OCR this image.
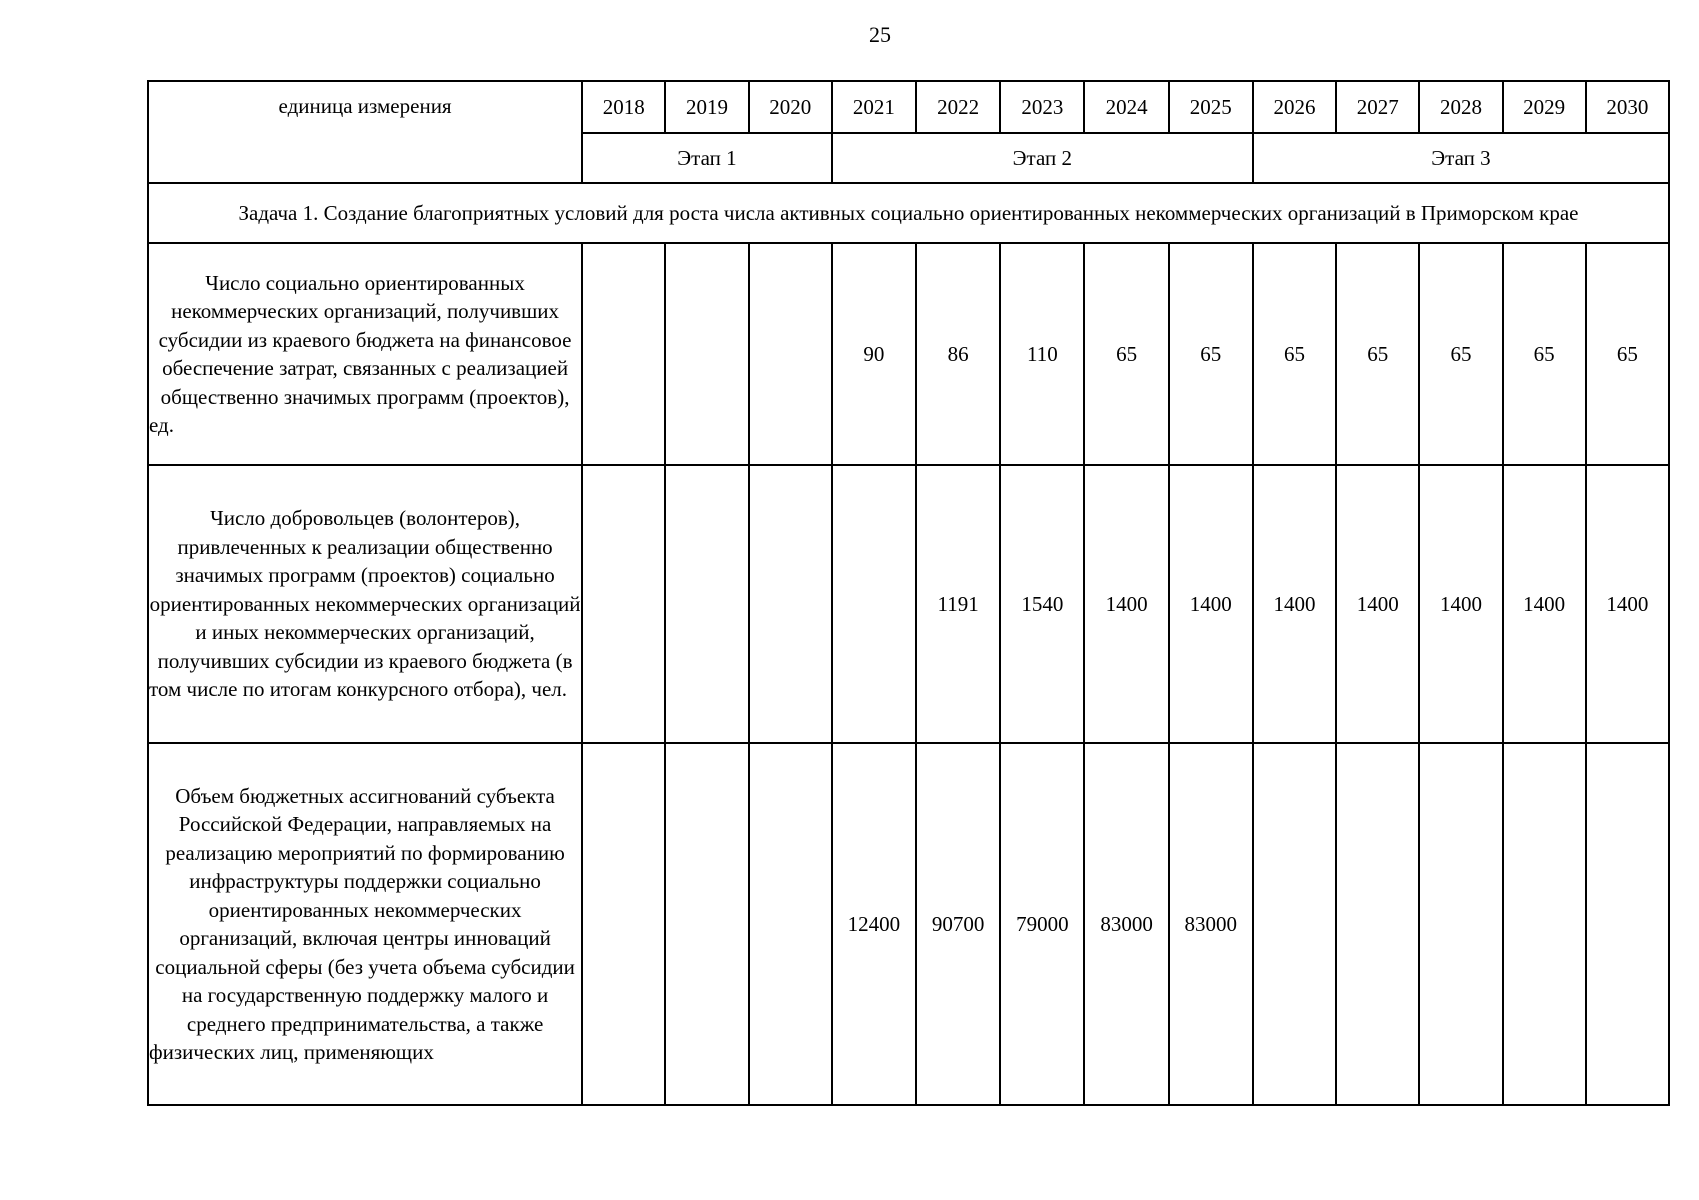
25
единица измерения	2018	2019	2020	2021	2022	2023	2024	2025	2026	2027	2028	2029	2030
	Этап 1			Этап 2					Этап 3				
Задача 1. Создание благоприятных условий для роста числа активных социально ориентированных некоммерческих организаций в Приморском крае													
Число социально ориентированных некоммерческих организаций, получивших субсидии из краевого бюджета на финансовое обеспечение затрат, связанных с реализацией общественно значимых программ (проектов), ед.				90	86	110	65	65	65	65	65	65	65
Число добровольцев (волонтеров), привлеченных к реализации общественно значимых программ (проектов) социально ориентированных некоммерческих организаций и иных некоммерческих организаций, получивших субсидии из краевого бюджета (в том числе по итогам конкурсного отбора), чел.					1191	1540	1400	1400	1400	1400	1400	1400	1400
Объем бюджетных ассигнований субъекта Российской Федерации, направляемых на реализацию мероприятий по формированию инфраструктуры поддержки социально ориентированных некоммерческих организаций, включая центры инноваций социальной сферы (без учета объема субсидии на государственную поддержку малого и среднего предпринимательства, а также физических лиц, применяющих				12400	90700	79000	83000	83000					
